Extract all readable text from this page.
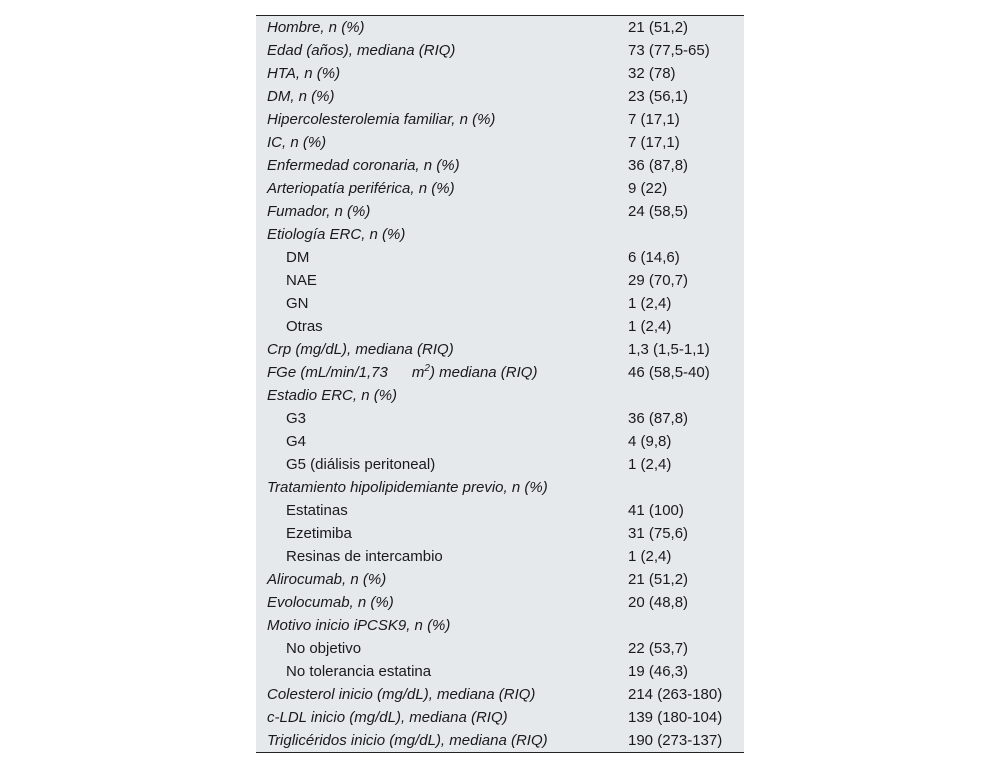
Hombre, n (%)	21 (51,2)
Edad (años), mediana (RIQ)	73 (77,5-65)
HTA, n (%)	32 (78)
DM, n (%)	23 (56,1)
Hipercolesterolemia familiar, n (%)	7 (17,1)
IC, n (%)	7 (17,1)
Enfermedad coronaria, n (%)	36 (87,8)
Arteriopatía periférica, n (%)	9 (22)
Fumador, n (%)	24 (58,5)
Etiología ERC, n (%)	
DM	6 (14,6)
NAE	29 (70,7)
GN	1 (2,4)
Otras	1 (2,4)
Crp (mg/dL), mediana (RIQ)	1,3 (1,5-1,1)
FGe (mL/min/1,73 $m^2$) mediana (RIQ)	46 (58,5-40)
Estadio ERC, n (%)	
G3	36 (87,8)
G4	4 (9,8)
G5 (diálisis peritoneal)	1 (2,4)
Tratamiento hipolipidemiante previo, n (%)	
Estatinas	41 (100)
Ezetimiba	31 (75,6)
Resinas de intercambio	1 (2,4)
Alirocumab, n (%)	21 (51,2)
Evolocumab, n (%)	20 (48,8)
Motivo inicio iPCSK9, n (%)	
No objetivo	22 (53,7)
No tolerancia estatina	19 (46,3)
Colesterol inicio (mg/dL), mediana (RIQ)	214 (263-180)
c-LDL inicio (mg/dL), mediana (RIQ)	139 (180-104)
Triglicéridos inicio (mg/dL), mediana (RIQ)	190 (273-137)
